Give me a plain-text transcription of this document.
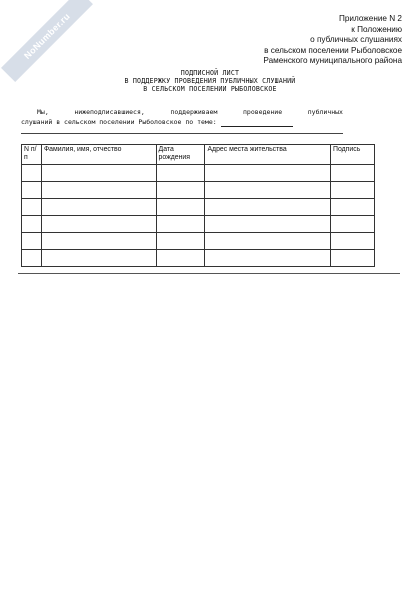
NoNumber.ru	Приложение N 2
к Положению
о публичных слушаниях
в сельском поселении Рыболовское
Раменского муниципального района
ПОДПИСНОЙ ЛИСТ
В ПОДДЕРЖКУ ПРОВЕДЕНИЯ ПУБЛИЧНЫХ СЛУШАНИЙ
В СЕЛЬСКОМ ПОСЕЛЕНИИ РЫБОЛОВСКОЕ
Мы,	нижеподписавшиеся,	поддерживаем	проведение	публичных
слушаний в сельском поселении Рыболовское по теме:
N п/п	Фамилия, имя, отчество	Дата рождения	Адрес места жительства	Подпись
